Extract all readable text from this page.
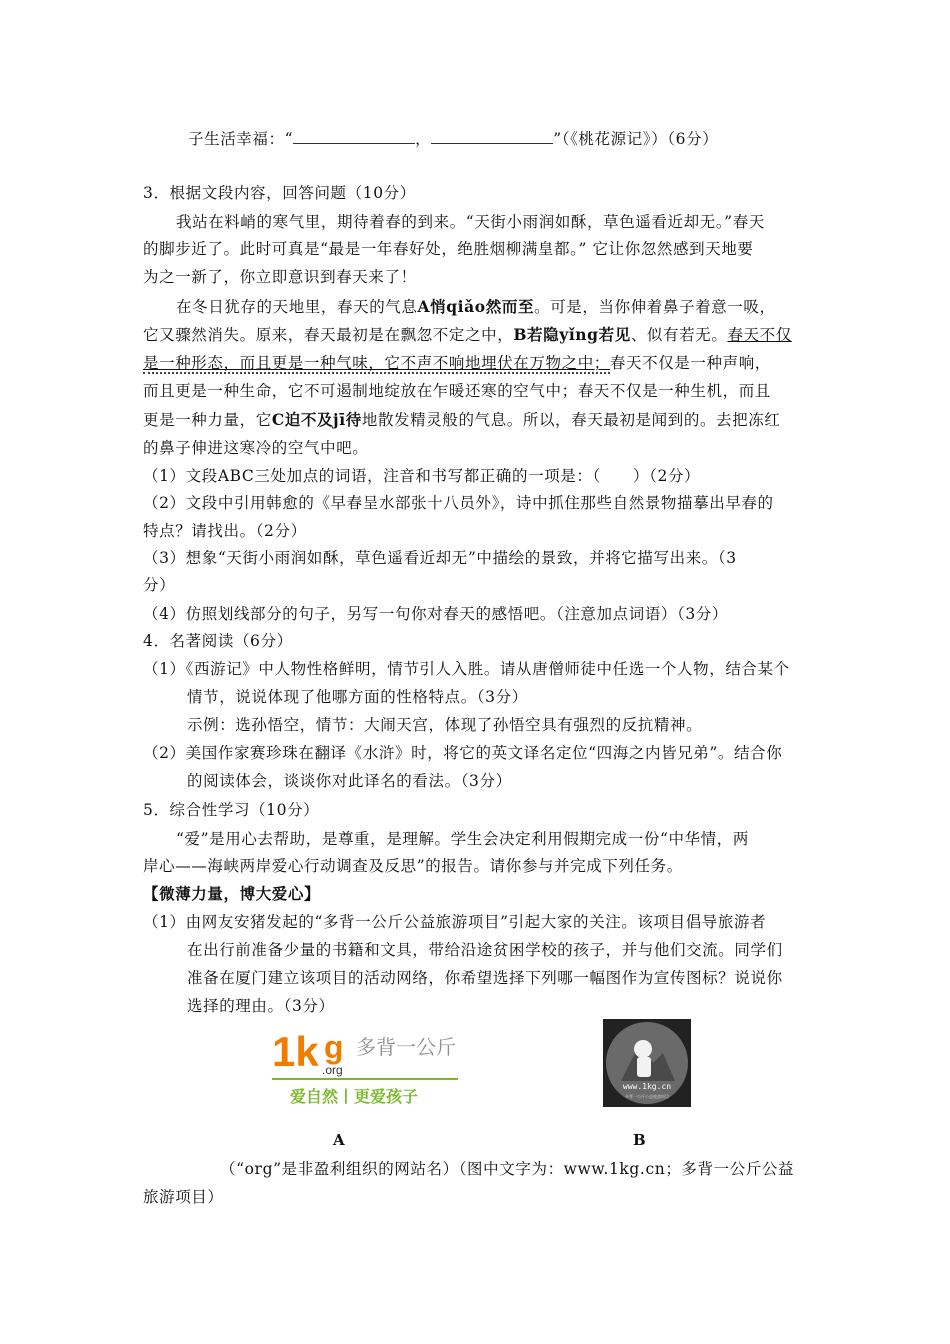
子生活幸福：“	，	”（《桃花源记》）（6分）
3．根据文段内容，回答问题（10分）
我站在料峭的寒气里，期待着春的到来。“天街小雨润如酥，草色遥看近却无。”春天
的脚步近了。此时可真是“最是一年春好处，绝胜烟柳满皇都。” 它让你忽然感到天地要
为之一新了，你立即意识到春天来了！
在冬日犹存的天地里，春天的气息A悄qiǎo然而至。可是，当你伸着鼻子着意一吸，
它又骤然消失。原来，春天最初是在飘忽不定之中，B若隐yǐng若见、似有若无。春天不仅
是一种形态，而且更是一种气味，它不声不响地埋伏在万物之中；春天不仅是一种声响，
而且更是一种生命，它不可遏制地绽放在乍暖还寒的空气中；春天不仅是一种生机，而且
更是一种力量，它C迫不及jī待地散发精灵般的气息。所以，春天最初是闻到的。去把冻红
的鼻子伸进这寒冷的空气中吧。
（1）文段ABC三处加点的词语，注音和书写都正确的一项是：（　　）（2分）
（2）文段中引用韩愈的《早春呈水部张十八员外》，诗中抓住那些自然景物描摹出早春的
特点？请找出。（2分）
（3）想象“天街小雨润如酥，草色遥看近却无”中描绘的景致，并将它描写出来。（3
分）
（4）仿照划线部分的句子，另写一句你对春天的感悟吧。（注意加点词语）（3分）
4．名著阅读（6分）
（1）《西游记》中人物性格鲜明，情节引人入胜。请从唐僧师徒中任选一个人物，结合某个
情节，说说体现了他哪方面的性格特点。（3分）
示例：选孙悟空，情节：大闹天宫，体现了孙悟空具有强烈的反抗精神。
（2）美国作家赛珍珠在翻译《水浒》时，将它的英文译名定位“四海之内皆兄弟”。结合你
的阅读体会，谈谈你对此译名的看法。（3分）
5．综合性学习（10分）
“爱”是用心去帮助，是尊重，是理解。学生会决定利用假期完成一份“中华情，两
岸心——海峡两岸爱心行动调查及反思”的报告。请你参与并完成下列任务。
【微薄力量，博大爱心】
（1）由网友安猪发起的“多背一公斤公益旅游项目”引起大家的关注。该项目倡导旅游者
在出行前准备少量的书籍和文具，带给沿途贫困学校的孩子，并与他们交流。同学们
准备在厦门建立该项目的活动网络，你希望选择下列哪一幅图作为宣传图标？说说你
选择的理由。（3分）
1k g
.org
多背一公斤
爱自然丨更爱孩子
www.1kg.cn
多背一公斤公益旅游项目
A	B
（“org”是非盈利组织的网站名）（图中文字为：www.1kg.cn；多背一公斤公益
旅游项目）
